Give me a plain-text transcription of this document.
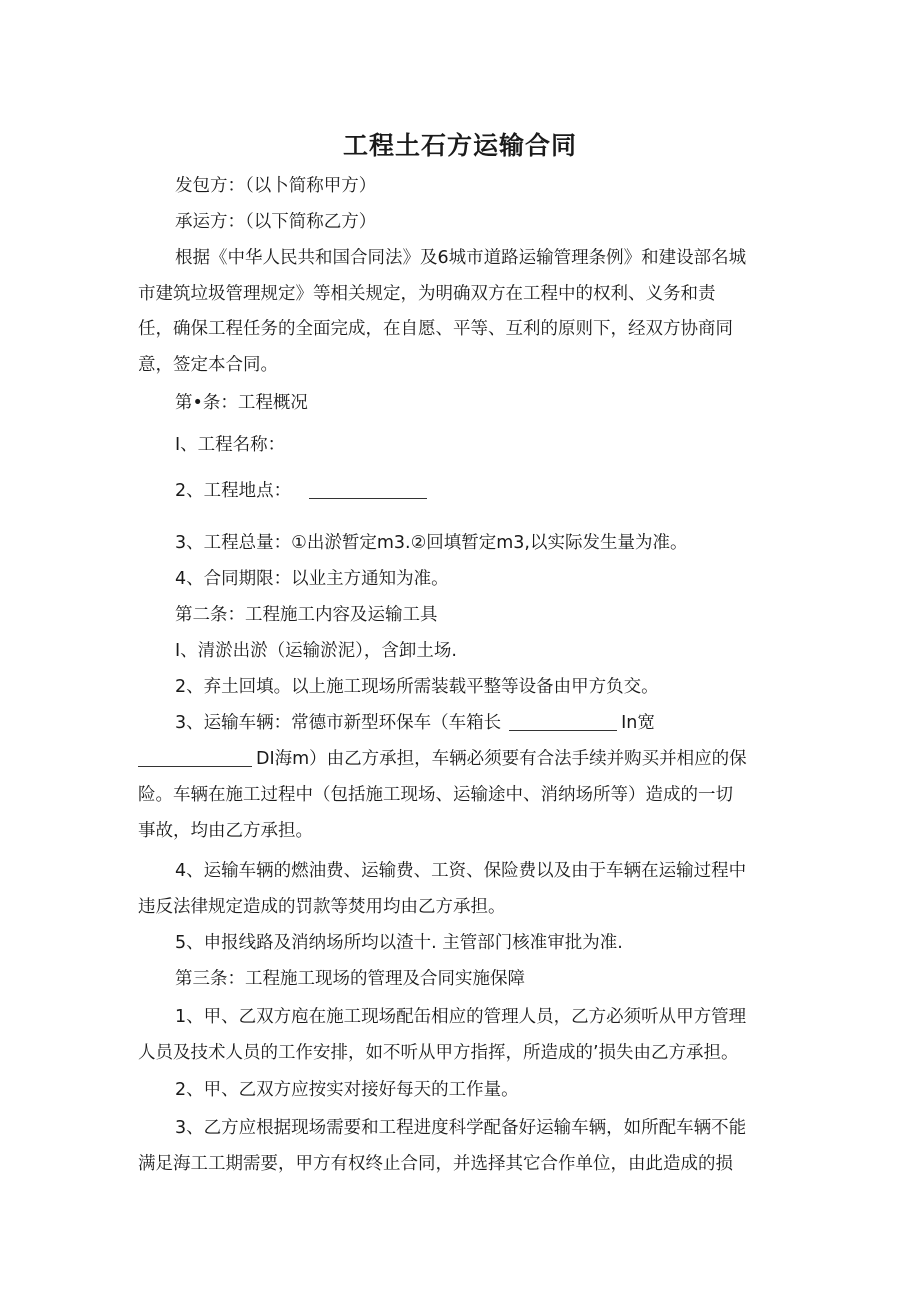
工程土石方运输合同
发包方：（以卜简称甲方）
承运方：（以下简称乙方）
根据《中华人民共和国合同法》及6城市道路运输管理条例》和建设部名城
市建筑垃圾管理规定》等相关规定，为明确双方在工程中的权利、义务和责
任，确保工程任务的全面完成，在自愿、平等、互利的原则下，经双方协商同
意，签定本合同。
第•条：工程概况
I、工程名称：
2、工程地点：
3、工程总量：①出淤暂定m3.②回填暂定m3,以实际发生量为准。
4、合同期限：以业主方通知为准。
第二条：工程施工内容及运输工具
I、清淤出淤（运输淤泥），含卸土场.
2、弃土回填。以上施工现场所需装载平整等设备由甲方负交。
3、运输车辆：常德市新型环保车（车箱长	In宽
DI海m）由乙方承担，车辆必须要有合法手续并购买并相应的保
险。车辆在施工过程中（包括施工现场、运输途中、消纳场所等）造成的一切
事故，均由乙方承担。
4、运输车辆的燃油费、运输费、工资、保险费以及由于车辆在运输过程中
违反法律规定造成的罚款等焚用均由乙方承担。
5、申报线路及消纳场所均以渣十. 主管部门核准审批为准.
第三条：工程施工现场的管理及合同实施保障
1、甲、乙双方庖在施工现场配缶相应的管理人员，乙方必须听从甲方管理
人员及技术人员的工作安排，如不听从甲方指挥，所造成的’损失由乙方承担。
2、甲、乙双方应按实对接好每天的工作量。
3、乙方应根据现场需要和工程进度科学配备好运输车辆，如所配车辆不能
满足海工工期需要，甲方有权终止合同，并选择其它合作单位，由此造成的损
